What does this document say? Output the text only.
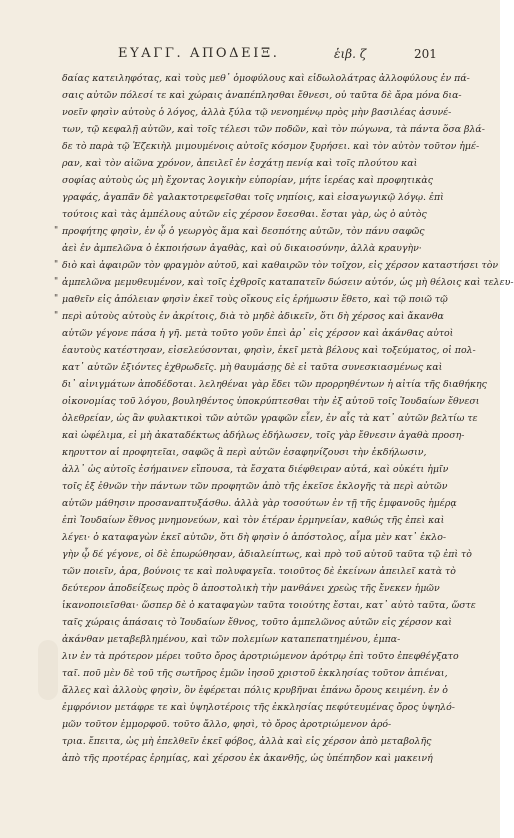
ΕΥΑΓΓ. ΑΠΟΔΕΙΞ.	ἑιβ. ζ	201
δαίας κατειληφότας, καὶ τοὺς μεθ᾽ ὁμοφύλους καὶ εἰδωλολάτρας ἀλλοφύλους ἐν πά-
σαις αὐτῶν πόλεσί τε καὶ χώραις ἀναπέπλησθαι ἔθνεσι, οὐ ταῦτα δὲ ἄρα μόνα δια-
νοεῖν φησὶν αὐτοὺς ὁ λόγος, ἀλλὰ ξύλα τῷ νενοημένῳ πρὸς μὴν βασιλέας ἀσυνέ-
των, τῷ κεφαλῇ αὐτῶν, καὶ τοῖς τέλεσι τῶν ποδῶν, καὶ τὸν πώγωνα, τὰ πάντα ὅσα βλά-
δε τὸ παρὰ τῷ Ἐζεκιὴλ μιμουμένοις αὐτοῖς κόσμον ξυρήσει. καὶ τὸν αὐτὸν τοῦτον ἡμέ-
ραν, καὶ τὸν αἰῶνα χρόνον, ἀπειλεῖ ἐν ἐσχάτῃ πενίᾳ καὶ τοῖς πλούτου καὶ
σοφίας αὐτοὺς ὡς μὴ ἔχοντας λογικὴν εὐπορίαν, μήτε ἱερέας καὶ προφητικὰς
γραφάς, ἀγαπᾶν δὲ γαλακτοτρεφεῖσθαι τοῖς νηπίοις, καὶ εἰσαγωγικῷ λόγῳ. ἐπὶ
τούτοις καὶ τὰς ἀμπέλους αὐτῶν εἰς χέρσον ἔσεσθαι. ἔσται γὰρ, ὡς ὁ αὐτὸς
" προφήτης φησὶν, ἐν ᾧ ὁ γεωργὸς ἅμα καὶ δεσπότης αὐτῶν, τὸν πάνυ σαφῶς
ἀεὶ ἐν ἀμπελῶνα ὁ ἐκποιήσων ἀγαθὰς, καὶ οὐ δικαιοσύνην, ἀλλὰ κραυγὴν·
" διὸ καὶ ἀφαιρῶν τὸν φραγμὸν αὐτοῦ, καὶ καθαιρῶν τὸν τοῖχον, εἰς χέρσον καταστήσει τὸν
" ἀμπελῶνα μεμυθευμένον, καὶ τοῖς ἐχθροῖς καταπατεῖν δώσειν αὐτόν, ὡς μὴ θέλοις καὶ τελευ-
" μαθεῖν εἰς ἀπόλειαν φησὶν ἐκεῖ τοὺς οἴκους εἰς ἐρήμωσιν ἔθετο, καὶ τῷ ποιῶ τῷ
" περὶ αὐτοὺς αὐτοὺς ἐν ἀκρίτοις, διὰ τὸ μηδὲ ἀδικεῖν, ὅτι δὴ χέρσος καὶ ἄκανθα
αὐτῶν γέγονε πάσα ἡ γῆ. μετὰ τοῦτο γοῦν ἐπεὶ ἀρ᾽ εἰς χέρσον καὶ ἀκάνθας αὐτοὶ
ἑαυτοὺς κατέστησαν, εἰσελεύσονται, φησὶν, ἐκεῖ μετὰ βέλους καὶ τοξεύματος, οἱ πολ-
κατ᾽ αὐτῶν ἐξιόντες ἐχθρωδεῖς. μὴ θαυμάσῃς δὲ εἰ ταῦτα συνεσκιασμένως καὶ
δι᾽ αἰνιγμάτων ἀποδέδοται. λεληθέναι γὰρ ἔδει τῶν προρρηθέντων ἡ αἰτία τῆς διαθήκης
οἰκονομίας τοῦ λόγου, βουληθέντος ὑποκρύπτεσθαι τὴν ἐξ αὐτοῦ τοῖς Ἰουδαίων ἔθνεσι
ὀλεθρείαν, ὡς ἂν φυλακτικοὶ τῶν αὐτῶν γραφῶν εἶεν, ἐν αἷς τὰ κατ᾽ αὐτῶν βελτίω τε
καὶ ὠφέλιμα, εἰ μὴ ἀκαταδέκτως ἀδήλως ἐδήλωσεν, τοῖς γὰρ ἔθνεσιν ἀγαθὰ προση-
κηρυττον αἱ προφητεῖαι, σαφῶς ἃ περὶ αὐτῶν ἐσαφηνίζουσι τὴν ἐκδήλωσιν,
ἀλλ᾽ ὡς αὐτοῖς ἐσήμαινεν εἴπουσα, τὰ ἔσχατα διέφθειραν αὐτά, καὶ οὐκέτι ἡμῖν
τοῖς ἐξ ἐθνῶν τὴν πάντων τῶν προφητῶν ἀπὸ τῆς ἐκεῖσε ἐκλογῆς τὰ περὶ αὐτῶν
αὐτῶν μάθησιν προσαναπτυξάσθω. ἀλλὰ γὰρ τοσούτων ἐν τῇ τῆς ἐμφανοῦς ἡμέρᾳ
ἐπὶ Ἰουδαίων ἔθνος μνημονεύων, καὶ τὸν ἑτέραν ἑρμηνείαν, καθώς τῆς ἐπεὶ καὶ
λέγει· ὁ καταφαγὼν ἐκεῖ αὐτῶν, ὅτι δὴ φησὶν ὁ ἀπόστολος, αἷμα μὲν κατ᾽ ἐκλο-
γὴν ᾧ δέ γέγονε, οἱ δὲ ἐπωρώθησαν, ἀδιαλείπτως, καὶ πρὸ τοῦ αὐτοῦ ταῦτα τῷ ἐπὶ τὸ
τῶν ποιεῖν, ἀρα, βούνοις τε καὶ πολυφαγεῖα. τοιοῦτος δὲ ἐκείνων ἀπειλεῖ κατὰ τὸ
δεύτερον ἀποδείξεως πρὸς ὃ ἀποστολικὴ τὴν μανθάνει χρεὼς τῆς ἔνεκεν ἡμῶν
ἱκανοποιεῖσθαι· ὥσπερ δὲ ὁ καταφαγὼν ταῦτα τοιούτης ἔσται, κατ᾽ αὐτὸ ταῦτα, ὥστε
ταῖς χώραις ἁπάσαις τὸ Ἰουδαίων ἔθνος, τοῦτο ἀμπελῶνος αὐτῶν εἰς χέρσον καὶ
ἀκάνθαν μεταβεβλημένου, καὶ τῶν πολεμίων καταπεπατημένου, ἐμπα-
λιν ἐν τὰ πρότερον μέρει τοῦτο ὄρος ἀροτριώμενον ἀρότρῳ ἐπὶ τοῦτο ἐπεφθέγξατο
ταῖ. ποῦ μὲν δὲ τοῦ τῆς σωτῆρος ἐμῶν ἰησοῦ χριστοῦ ἐκκλησίας τοῦτον ἀπιέναι,
ἄλλες καὶ ἀλλοὺς φησὶν, ὃν ἐφέρεται πόλις κρυβῆναι ἐπάνω ὄρους κειμένη. ἐν ὁ
ἐμφρόνιον μετάφρε τε καὶ ὑψηλοτέροις τῆς ἐκκλησίας πεφύτευμένας ὄρος ὑψηλό-
μῶν τοῦτον ἐμμορφοῦ. τοῦτο ἄλλο, φησὶ, τὸ ὄρος ἀροτριώμενον ἀρό-
τρια. ἔπειτα, ὡς μὴ ἐπελθεῖν ἐκεῖ φόβος, ἀλλὰ καὶ εἰς χέρσον ἀπὸ μεταβολῆς
ἀπὸ τῆς προτέρας ἐρημίας, καὶ χέρσου ἐκ ἀκανθῆς, ὡς ὑπέπηδον καὶ μακεινή
